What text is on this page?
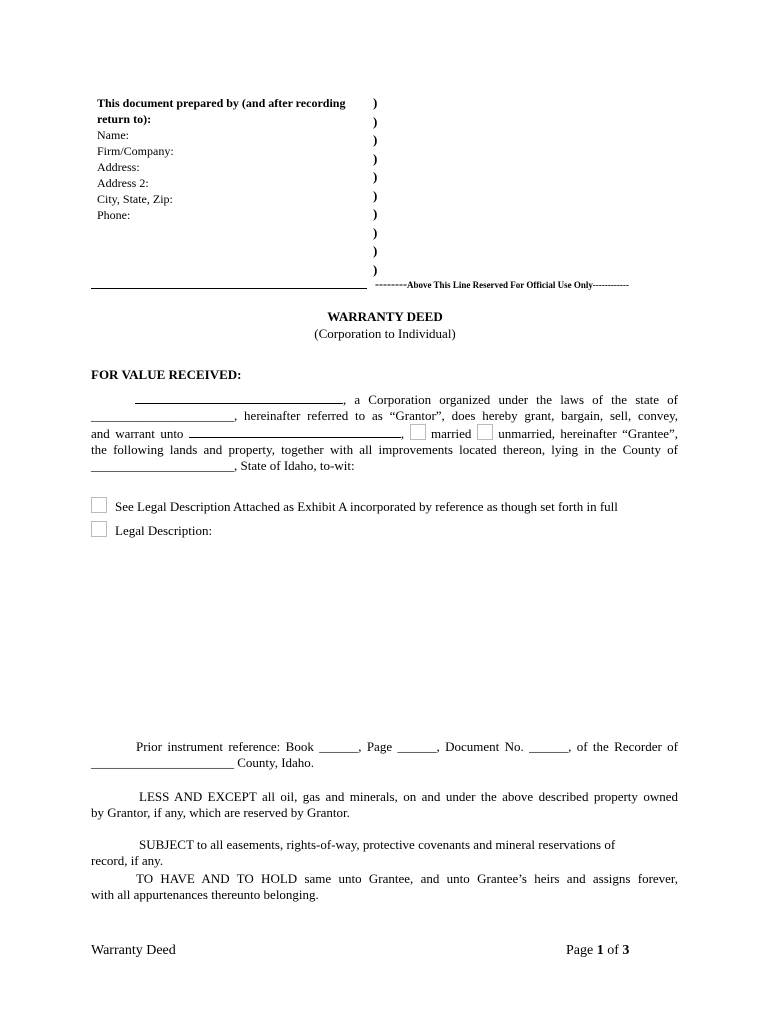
This document prepared by (and after recording return to):
Name:
Firm/Company:
Address:
Address 2:
City, State, Zip:
Phone:
)
)
)
)
)
)
)
)
)
)
--------Above This Line Reserved For Official Use Only------------
WARRANTY DEED
(Corporation to Individual)
FOR VALUE RECEIVED:
, a Corporation organized under the laws of the state of
______________________, hereinafter referred to as “Grantor”, does hereby grant, bargain, sell, convey,
and warrant unto	, married unmarried, hereinafter “Grantee”,
the following lands and property, together with all improvements located thereon, lying in the County of
______________________, State of Idaho, to-wit:
See Legal Description Attached as Exhibit A incorporated by reference as though set forth in full
Legal Description:
Prior instrument reference: Book ______, Page ______, Document No. ______, of the Recorder of
______________________ County, Idaho.
LESS AND EXCEPT all oil, gas and minerals, on and under the above described property owned
by Grantor, if any, which are reserved by Grantor.
SUBJECT to all easements, rights-of-way, protective covenants and mineral reservations of
record, if any.
TO HAVE AND TO HOLD same unto Grantee, and unto Grantee’s heirs and assigns forever,
with all appurtenances thereunto belonging.
Warranty Deed	Page 1 of 3
